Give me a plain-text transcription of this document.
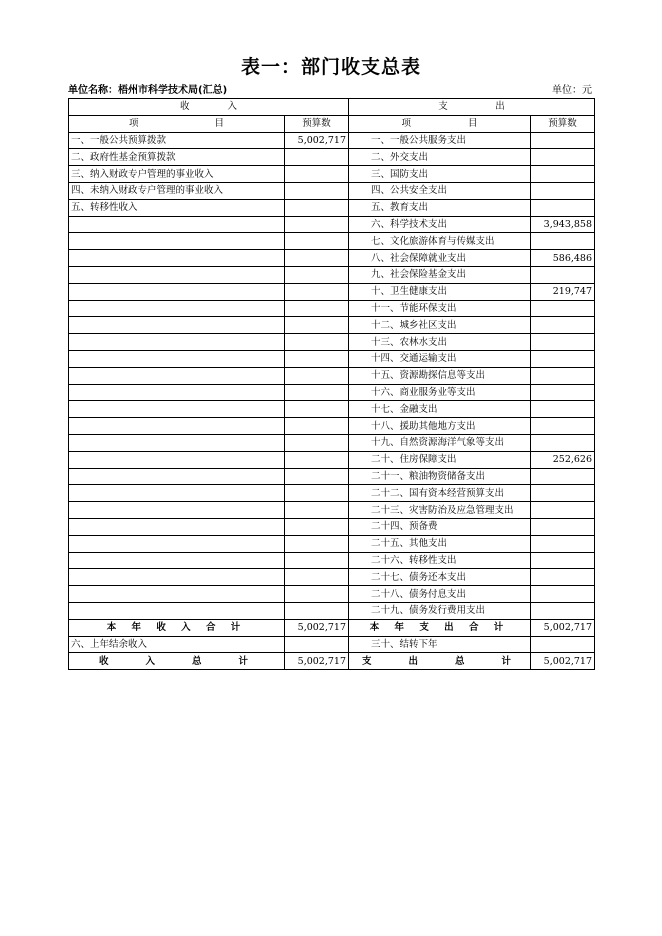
表一：部门收支总表
单位名称：梧州市科学技术局(汇总)	单位：元
收　　　　入		支　　　　　出	
项　　　　　　　　目	预算数	项　　　　　　目	预算数
一、一般公共预算拨款	5,002,717	一、一般公共服务支出	
二、政府性基金预算拨款		二、外交支出	
三、纳入财政专户管理的事业收入		三、国防支出	
四、未纳入财政专户管理的事业收入		四、公共安全支出	
五、转移性收入		五、教育支出	
		六、科学技术支出	3,943,858
		七、文化旅游体育与传媒支出	
		八、社会保障就业支出	586,486
		九、社会保险基金支出	
		十、卫生健康支出	219,747
		十一、节能环保支出	
		十二、城乡社区支出	
		十三、农林水支出	
		十四、交通运输支出	
		十五、资源勘探信息等支出	
		十六、商业服务业等支出	
		十七、金融支出	
		十八、援助其他地方支出	
		十九、自然资源海洋气象等支出	
		二十、住房保障支出	252,626
		二十一、粮油物资储备支出	
		二十二、国有资本经营预算支出	
		二十三、灾害防治及应急管理支出	
		二十四、预备费	
		二十五、其他支出	
		二十六、转移性支出	
		二十七、债务还本支出	
		二十八、债务付息支出	
		二十九、债务发行费用支出	
本 年 收 入 合 计	5,002,717	本 年 支 出 合 计	5,002,717
六、上年结余收入		三十、结转下年	
收　　入　　总　　计	5,002,717	支　　出　　总　　计	5,002,717
